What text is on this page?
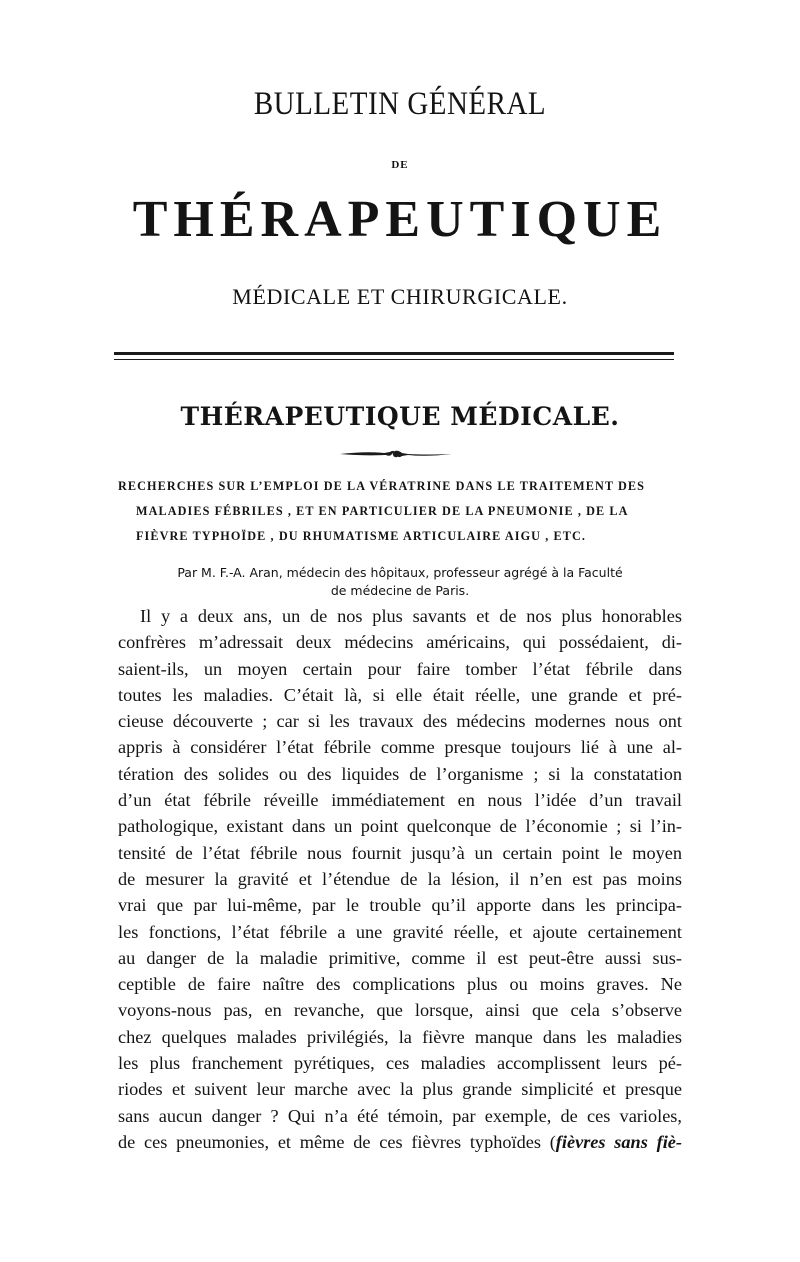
BULLETIN GÉNÉRAL
DE
THÉRAPEUTIQUE
MÉDICALE ET CHIRURGICALE.
THÉRAPEUTIQUE MÉDICALE.
RECHERCHES SUR L’EMPLOI DE LA VÉRATRINE DANS LE TRAITEMENT DES
MALADIES FÉBRILES , ET EN PARTICULIER DE LA PNEUMONIE , DE LA
FIÈVRE TYPHOÏDE , DU RHUMATISME ARTICULAIRE AIGU , ETC.
Par M. F.-A. Aran, médecin des hôpitaux, professeur agrégé à la Faculté
de médecine de Paris.
Il y a deux ans, un de nos plus savants et de nos plus honorables
confrères m’adressait deux médecins américains, qui possédaient, di-
saient-ils, un moyen certain pour faire tomber l’état fébrile dans
toutes les maladies. C’était là, si elle était réelle, une grande et pré-
cieuse découverte ; car si les travaux des médecins modernes nous ont
appris à considérer l’état fébrile comme presque toujours lié à une al-
tération des solides ou des liquides de l’organisme ; si la constatation
d’un état fébrile réveille immédiatement en nous l’idée d’un travail
pathologique, existant dans un point quelconque de l’économie ; si l’in-
tensité de l’état fébrile nous fournit jusqu’à un certain point le moyen
de mesurer la gravité et l’étendue de la lésion, il n’en est pas moins
vrai que par lui-même, par le trouble qu’il apporte dans les principa-
les fonctions, l’état fébrile a une gravité réelle, et ajoute certainement
au danger de la maladie primitive, comme il est peut-être aussi sus-
ceptible de faire naître des complications plus ou moins graves. Ne
voyons-nous pas, en revanche, que lorsque, ainsi que cela s’observe
chez quelques malades privilégiés, la fièvre manque dans les maladies
les plus franchement pyrétiques, ces maladies accomplissent leurs pé-
riodes et suivent leur marche avec la plus grande simplicité et presque
sans aucun danger ? Qui n’a été témoin, par exemple, de ces varioles,
de ces pneumonies, et même de ces fièvres typhoïdes (fièvres sans fiè-
